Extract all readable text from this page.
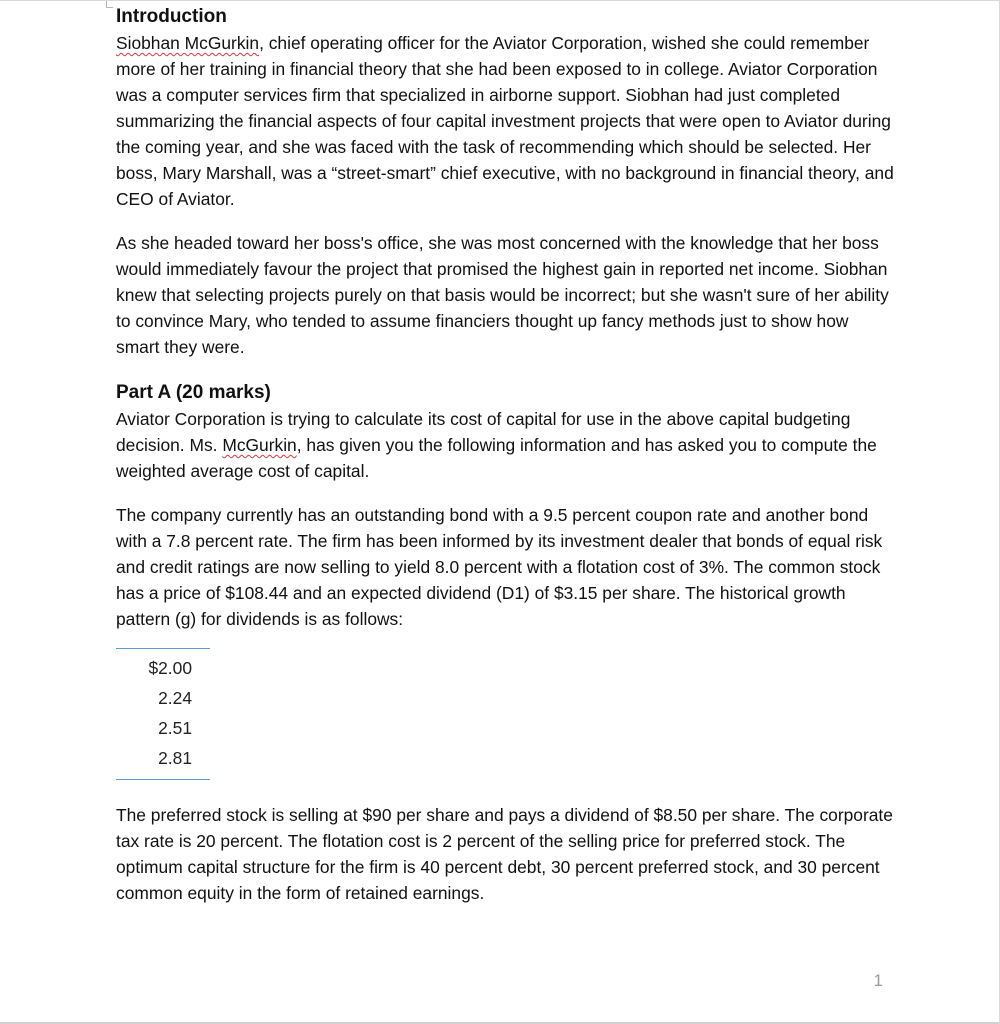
Introduction

Siobhan McGurkin, chief operating officer for the Aviator Corporation, wished she could remember more of her training in financial theory that she had been exposed to in college. Aviator Corporation was a computer services firm that specialized in airborne support. Siobhan had just completed summarizing the financial aspects of four capital investment projects that were open to Aviator during the coming year, and she was faced with the task of recommending which should be selected. Her boss, Mary Marshall, was a “street-smart” chief executive, with no background in financial theory, and CEO of Aviator.

As she headed toward her boss's office, she was most concerned with the knowledge that her boss would immediately favour the project that promised the highest gain in reported net income. Siobhan knew that selecting projects purely on that basis would be incorrect; but she wasn't sure of her ability to convince Mary, who tended to assume financiers thought up fancy methods just to show how smart they were.

Part A (20 marks)

Aviator Corporation is trying to calculate its cost of capital for use in the above capital budgeting decision. Ms. McGurkin, has given you the following information and has asked you to compute the weighted average cost of capital.

The company currently has an outstanding bond with a 9.5 percent coupon rate and another bond with a 7.8 percent rate. The firm has been informed by its investment dealer that bonds of equal risk and credit ratings are now selling to yield 8.0 percent with a flotation cost of 3%. The common stock has a price of $108.44 and an expected dividend (D1) of $3.15 per share. The historical growth pattern (g) for dividends is as follows:

$2.00
2.24
2.51
2.81

The preferred stock is selling at $90 per share and pays a dividend of $8.50 per share. The corporate tax rate is 20 percent. The flotation cost is 2 percent of the selling price for preferred stock. The optimum capital structure for the firm is 40 percent debt, 30 percent preferred stock, and 30 percent common equity in the form of retained earnings.

1
